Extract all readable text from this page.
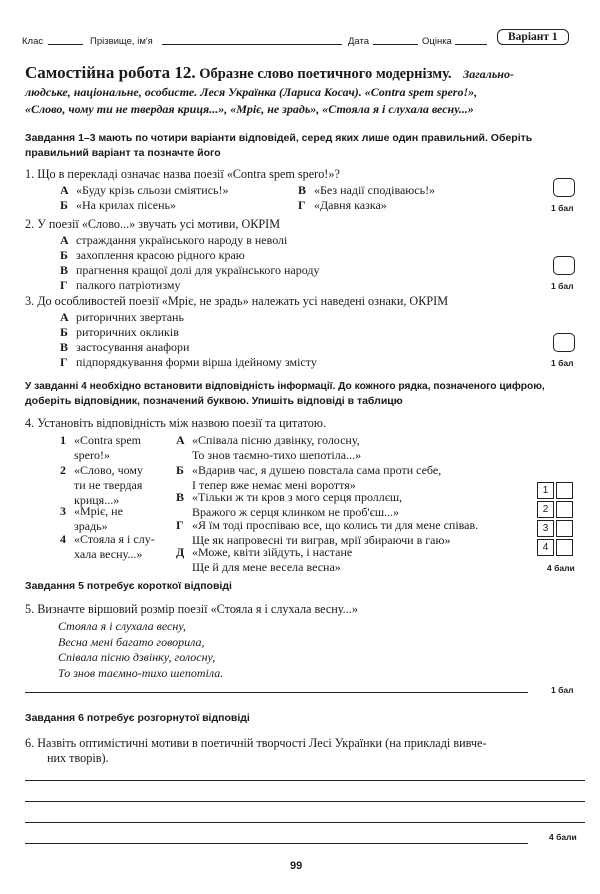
Клас	Прізвище, ім'я	Дата	Оцінка	Варіант 1
Самостійна робота 12. Образне слово поетичного модернізму. Загально-
людське, національне, особисте. Леся Українка (Лариса Косач). «Contra spem spero!»,
«Слово, чому ти не твердая криця...», «Мріє, не зрадь», «Стояла я і слухала весну...»
Завдання 1–3 мають по чотири варіанти відповідей, серед яких лише один правильний. Оберіть
правильний варіант та позначте його
1. Що в перекладі означає назва поезії «Contra spem spero!»?
А «Буду крізь сльози сміятись!»
Б «На крилах пісень»
В «Без надії сподіваюсь!»
Г «Давня казка»	1 бал
2. У поезії «Слово...» звучать усі мотиви, ОКРІМ
А страждання українського народу в неволі
Б захоплення красою рідного краю
В прагнення кращої долі для українського народу
Г палкого патріотизму	1 бал
3. До особливостей поезії «Мріє, не зрадь» належать усі наведені ознаки, ОКРІМ
А риторичних звертань
Б риторичних окликів
В застосування анафори
Г підпорядкування форми вірша ідейному змісту	1 бал
У завданні 4 необхідно встановити відповідність інформації. До кожного рядка, позначеного цифрою,
доберіть відповідник, позначений буквою. Упишіть відповіді в таблицю
4. Установіть відповідність між назвою поезії та цитатою.
1 «Contra spem
spero!»
2 «Слово, чому
ти не твердая
криця...»
3 «Мріє, не
зрадь»
4 «Стояла я і слу-
хала весну...»
А «Співала пісню дзвінку, голосну,
То знов таємно-тихо шепотіла...»
Б «Вдарив час, я душею повстала сама проти себе,
І тепер вже немає мені вороття»
В «Тільки ж ти кров з мого серця проллєш,
Вражого ж серця клинком не проб'єш...»
Г «Я їм тоді проспіваю все, що колись ти для мене співав.
Ще як напровесні ти виграв, мрії збираючи в гаю»
Д «Може, квіти зійдуть, і настане
Ще й для мене весела весна»
1
2
3
4
4 бали
Завдання 5 потребує короткої відповіді
5. Визначте віршовий розмір поезії «Стояла я і слухала весну...»
Стояла я і слухала весну,
Весна мені багато говорила,
Співала пісню дзвінку, голосну,
То знов таємно-тихо шепотіла.
1 бал
Завдання 6 потребує розгорнутої відповіді
6. Назвіть оптимістичні мотиви в поетичній творчості Лесі Українки (на прикладі вивче-
них творів).
4 бали
99
